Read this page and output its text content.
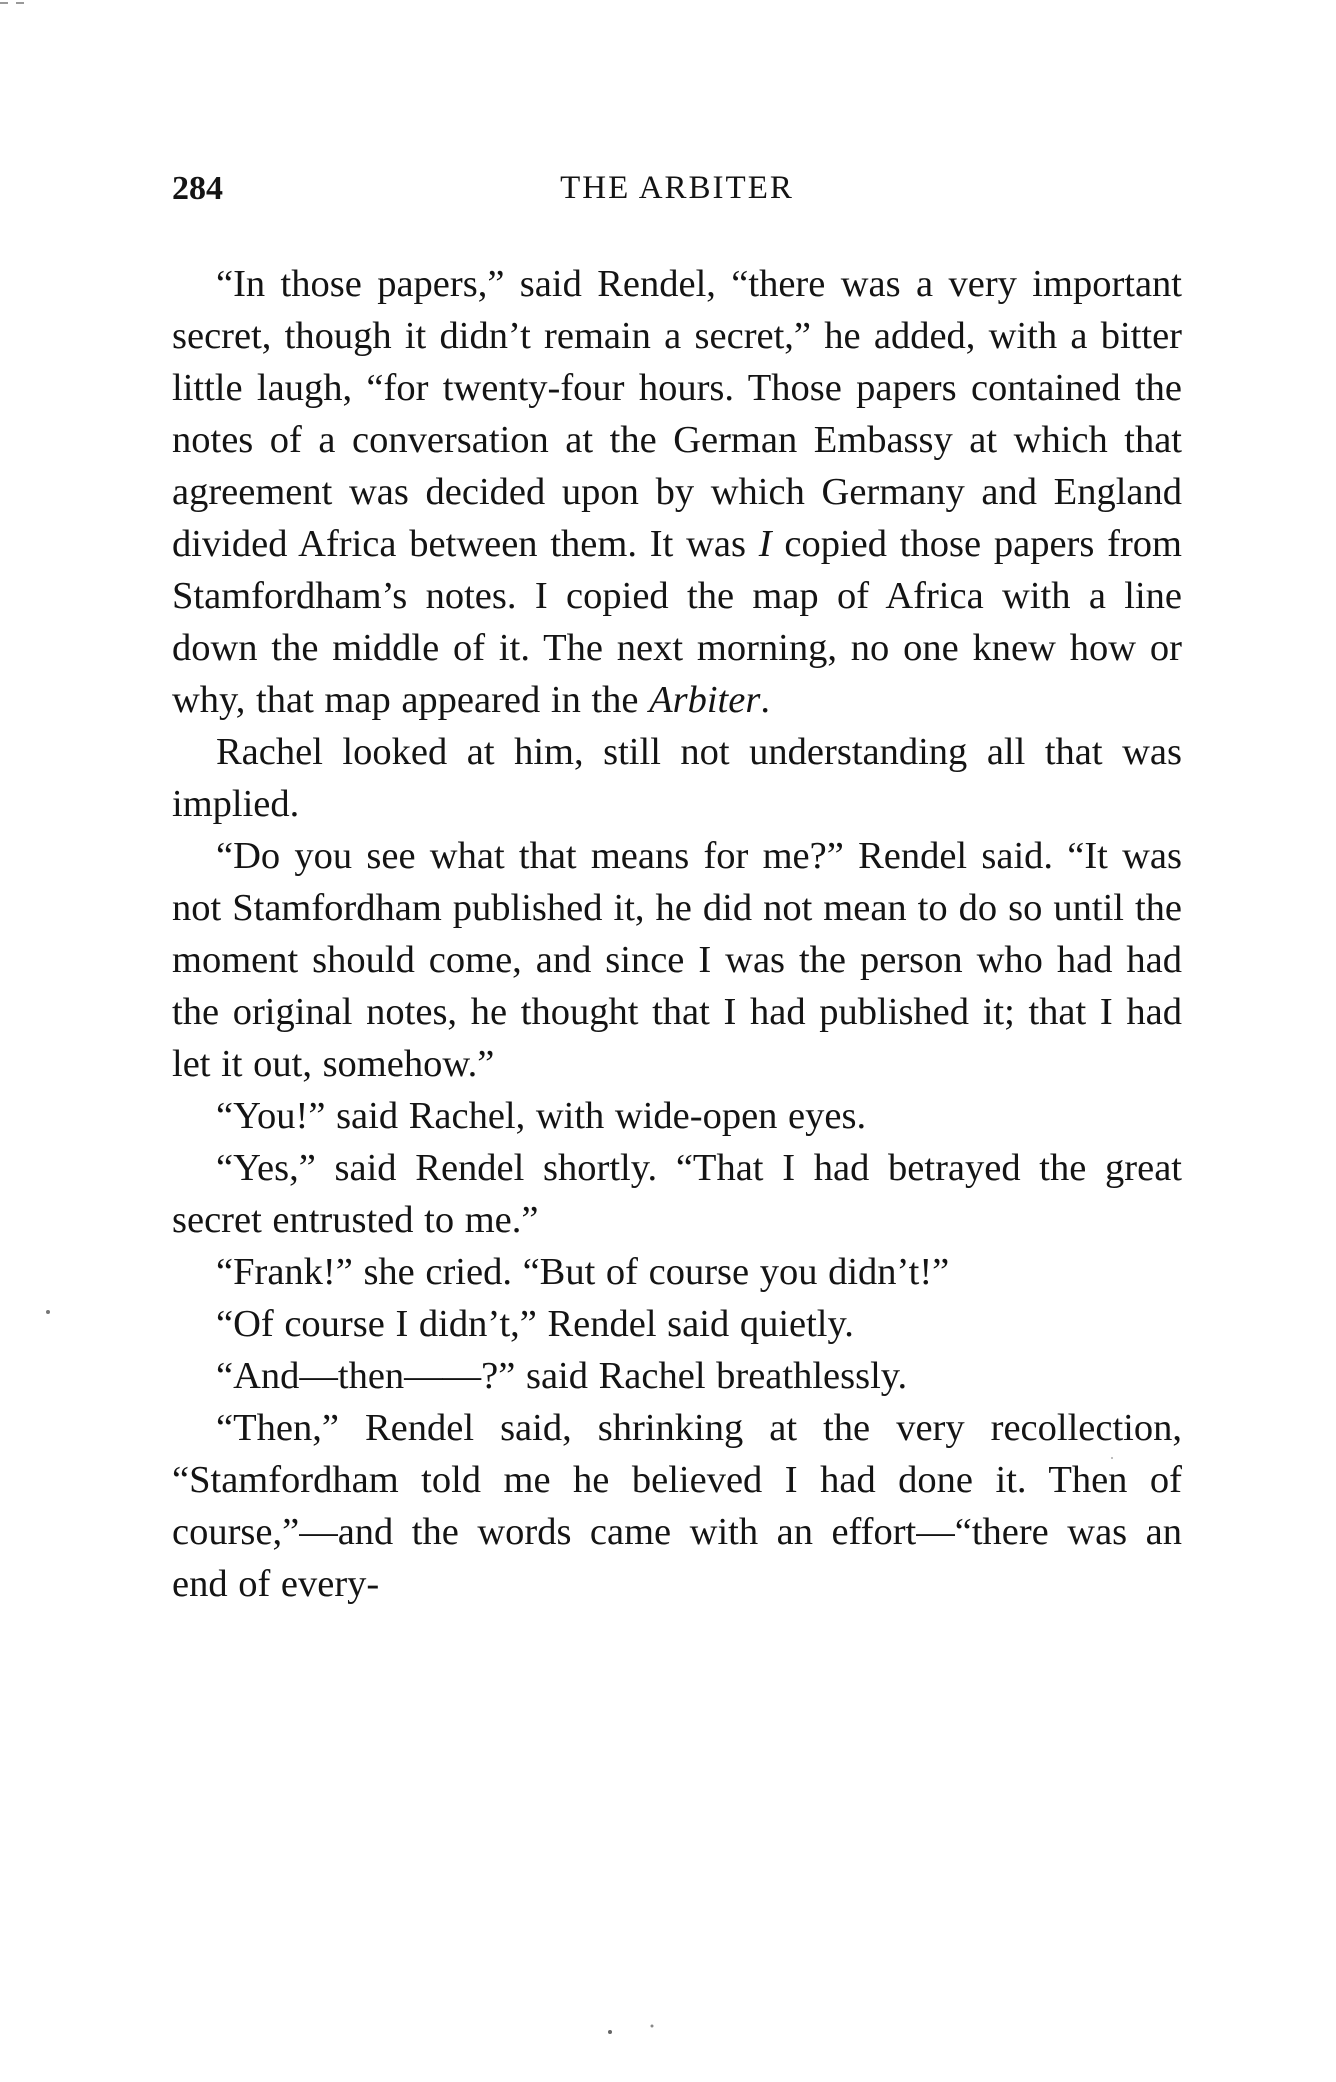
284	THE ARBITER

“In those papers,” said Rendel, “there was a very important secret, though it didn’t remain a secret,” he added, with a bitter little laugh, “for twenty-four hours. Those papers contained the notes of a conversation at the German Embassy at which that agreement was decided upon by which Germany and England divided Africa between them. It was I copied those papers from Stamfordham’s notes. I copied the map of Africa with a line down the middle of it. The next morning, no one knew how or why, that map appeared in the Arbiter.

Rachel looked at him, still not understanding all that was implied.

“Do you see what that means for me?” Rendel said. “It was not Stamfordham published it, he did not mean to do so until the moment should come, and since I was the person who had had the original notes, he thought that I had published it; that I had let it out, somehow.”

“You!” said Rachel, with wide-open eyes.

“Yes,” said Rendel shortly. “That I had betrayed the great secret entrusted to me.”

“Frank!” she cried. “But of course you didn’t!”

“Of course I didn’t,” Rendel said quietly.

“And—then——?” said Rachel breathlessly.

“Then,” Rendel said, shrinking at the very recollection, “Stamfordham told me he believed I had done it. Then of course,”—and the words came with an effort—“there was an end of every-
